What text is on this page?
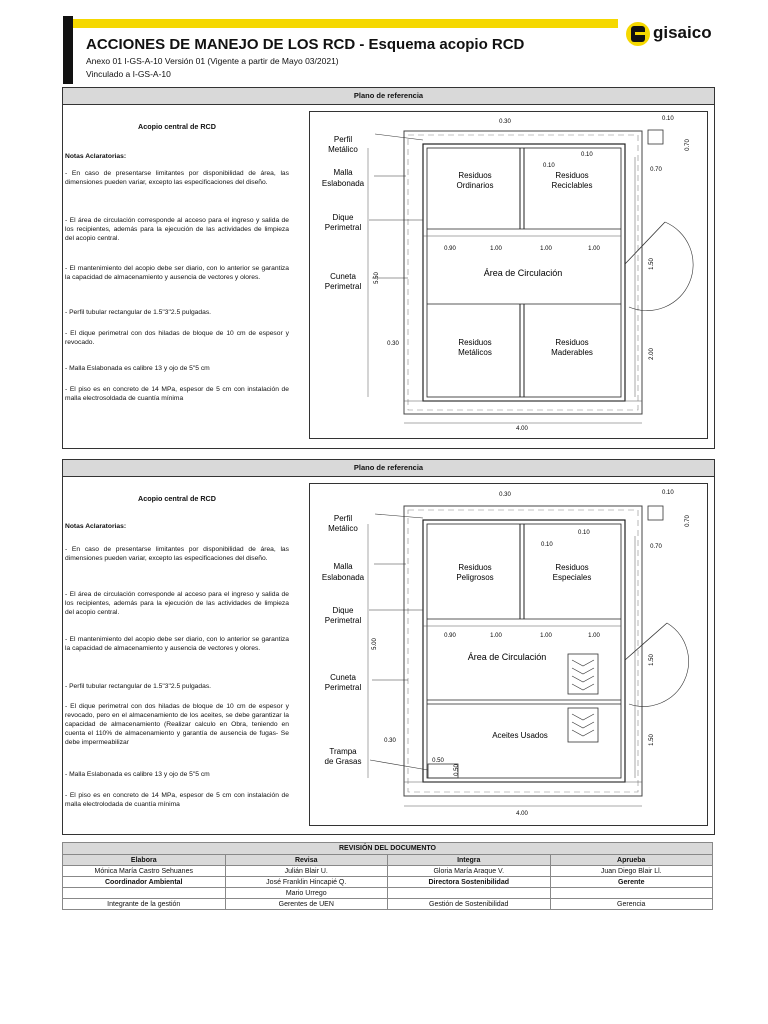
ACCIONES DE MANEJO DE LOS RCD - Esquema acopio RCD
Anexo 01 I-GS-A-10 Versión 01 (Vigente a partir de Mayo 03/2021)
Vinculado a I-GS-A-10
gisaico
Plano de referencia
Acopio central de RCD
Notas Aclaratorias:
- En caso de presentarse limitantes por disponibilidad de área, las dimensiones pueden variar, excepto las especificaciones del diseño.
- El área de circulación corresponde al acceso para el ingreso y salida de los recipientes, además para la ejecución de las actividades de limpieza del acopio central.
- El mantenimiento del acopio debe ser diario, con lo anterior se garantiza la capacidad de almacenamiento y ausencia de vectores y olores.
- Perfil tubular rectangular de 1.5"3"2.5 pulgadas.
- El dique perimetral con dos hiladas de bloque de 10 cm de espesor y revocado.
- Malla Eslabonada es calibre 13 y ojo de 5"5 cm
- El piso es en concreto de 14 MPa, espesor de 5 cm con instalación de malla electrosoldada de cuantía mínima
Perfil Metálico
Malla Eslabonada
Dique Perimetral
Cuneta Perimetral
Residuos Ordinarios
Residuos Reciclables
Área de Circulación
Residuos Metálicos
Residuos Maderables
0.30	0.10
0.70
0.70
0.10
0.10
0.90	1.00	1.00	1.00
5.50
1.50
2.00
0.30
4.00
Plano de referencia
Acopio central de RCD
Notas Aclaratorias:
- En caso de presentarse limitantes por disponibilidad de área, las dimensiones pueden variar, excepto las especificaciones del diseño.
- El área de circulación corresponde al acceso para el ingreso y salida de los recipientes, además para la ejecución de las actividades de limpieza del acopio central.
- El mantenimiento del acopio debe ser diario, con lo anterior se garantiza la capacidad de almacenamiento y ausencia de vectores y olores.
- Perfil tubular rectangular de 1.5"3"2.5 pulgadas.
- El dique perimetral con dos hiladas de bloque de 10 cm de espesor y revocado, pero en el almacenamiento de los aceites, se debe garantizar la capacidad de almacenamiento (Realizar calculo en Obra, teniendo en cuenta el 110% de almacenamiento y garantía de ausencia de fugas- Se debe impermeabilizar
- Malla Eslabonada es calibre 13 y ojo de 5"5 cm
- El piso es en concreto de 14 MPa, espesor de 5 cm con instalación de malla electrolodada de cuantía mínima
Perfil Metálico
Malla Eslabonada
Dique Perimetral
Cuneta Perimetral
Trampa de Grasas
Residuos Peligrosos
Residuos Especiales
Área de Circulación
Aceites Usados
0.30	0.10
0.70
0.70
0.10
0.10
0.90	1.00	1.00	1.00
5.00
1.50
1.50
0.30
0.50
0.50
4.00
REVISIÓN DEL DOCUMENTO			
Elabora	Revisa	Integra	Aprueba
Mónica María Castro Sehuanes	Julián Blair U.	Gloria María Araque V.	Juan Diego Blair Ll.
Coordinador Ambiental	José Franklin Hincapié Q.	Directora Sostenibilidad	Gerente
	Mario Urrego		
Integrante de la gestión	Gerentes de UEN	Gestión de Sostenibilidad	Gerencia
